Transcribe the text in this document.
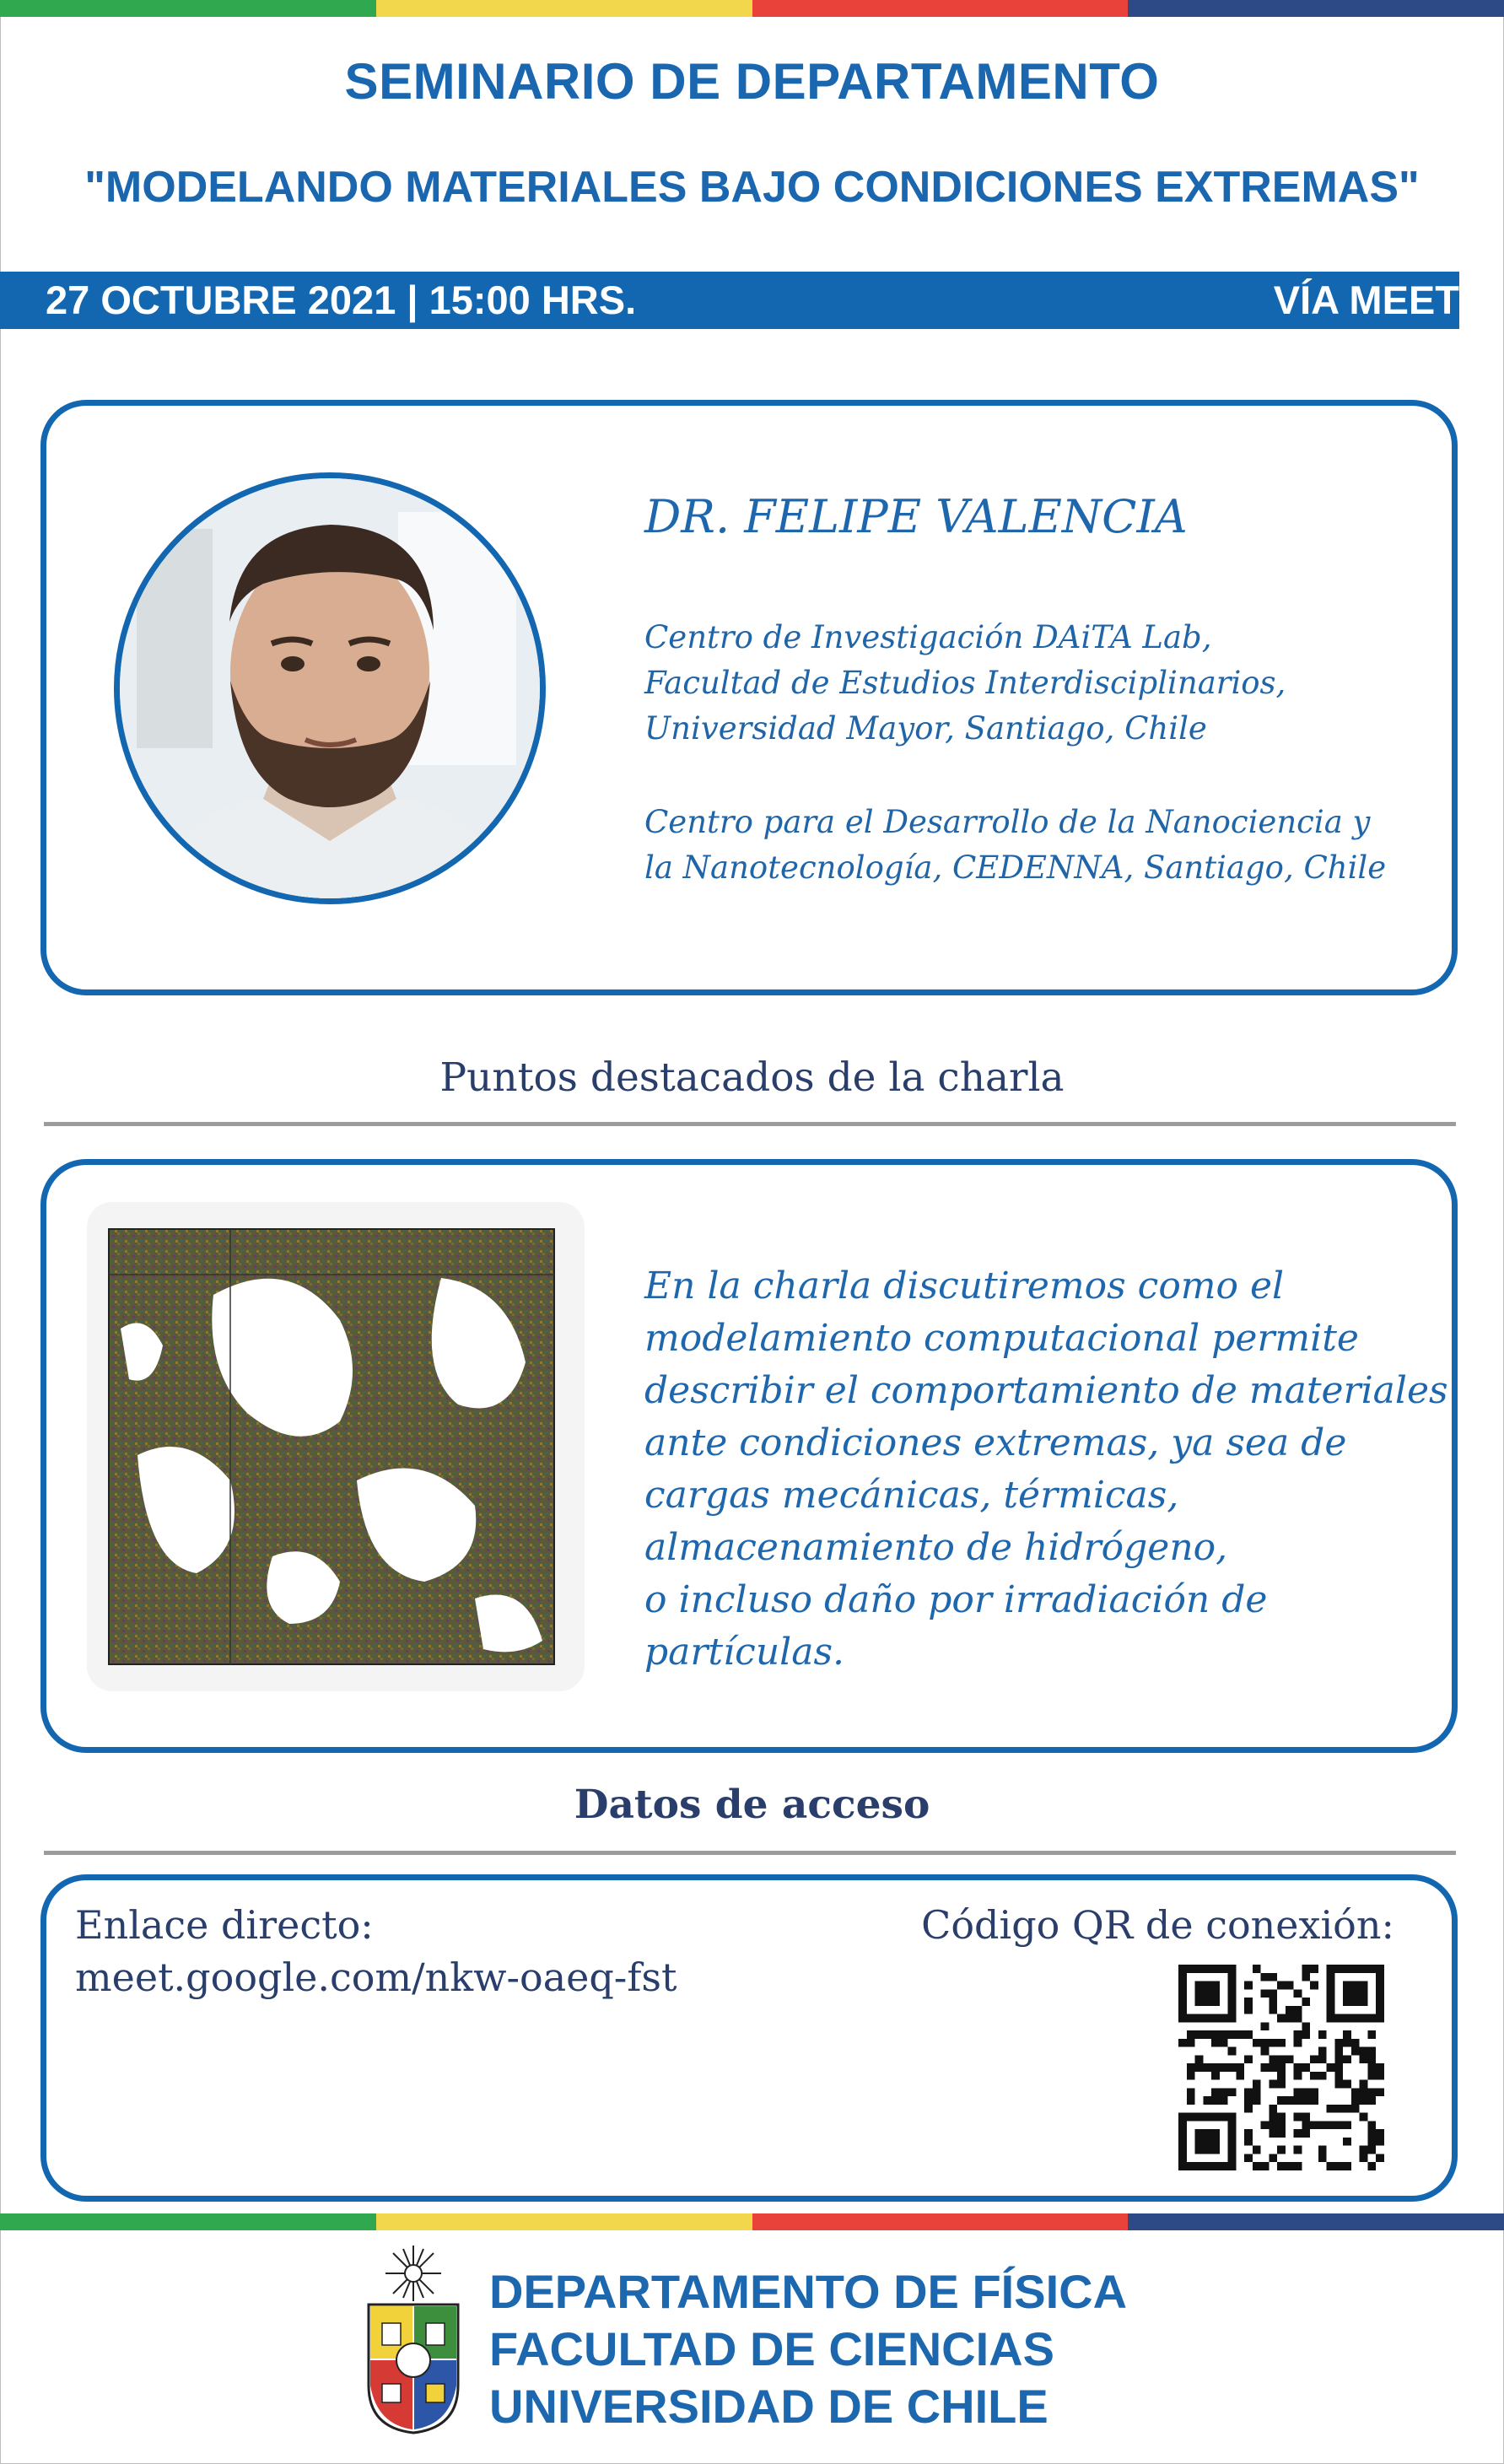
SEMINARIO DE DEPARTAMENTO
"MODELANDO MATERIALES BAJO CONDICIONES EXTREMAS"
27 OCTUBRE 2021 | 15:00 HRS.	VÍA MEET
DR. FELIPE VALENCIA
Centro de Investigación DAiTA Lab,
Facultad de Estudios Interdisciplinarios,
Universidad Mayor, Santiago, Chile
Centro para el Desarrollo de la Nanociencia y
la Nanotecnología, CEDENNA, Santiago, Chile
Puntos destacados de la charla
En la charla discutiremos como el
modelamiento computacional permite
describir el comportamiento de materiales
ante condiciones extremas, ya sea de
cargas mecánicas, térmicas,
almacenamiento de hidrógeno,
o incluso daño por irradiación de partículas.
Datos de acceso
Enlace directo:
meet.google.com/nkw-oaeq-fst
Código QR de conexión:
DEPARTAMENTO DE FÍSICA
FACULTAD DE CIENCIAS
UNIVERSIDAD DE CHILE
